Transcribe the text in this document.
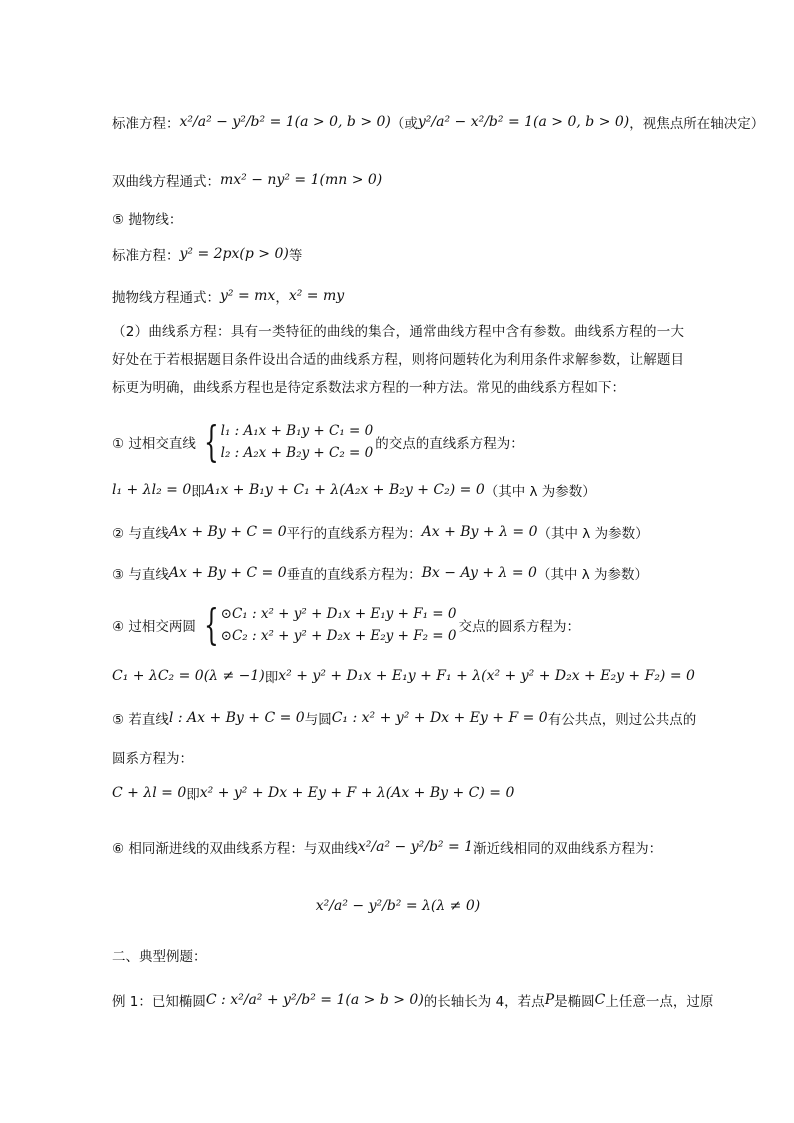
标准方程： x²/a² − y²/b² = 1(a > 0, b > 0) （或 y²/a² − x²/b² = 1(a > 0, b > 0) ，视焦点所在轴决定）
双曲线方程通式： mx² − ny² = 1(mn > 0)
⑤ 抛物线：
标准方程： y² = 2px(p > 0) 等
抛物线方程通式： y² = mx ， x² = my
（2）曲线系方程：具有一类特征的曲线的集合，通常曲线方程中含有参数。曲线系方程的一大好处在于若根据题目条件设出合适的曲线系方程，则将问题转化为利用条件求解参数，让解题目标更为明确，曲线系方程也是待定系数法求方程的一种方法。常见的曲线系方程如下：
① 过相交直线 { l₁ : A₁x + B₁y + C₁ = 0
l₂ : A₂x + B₂y + C₂ = 0
的交点的直线系方程为：
l₁ + λl₂ = 0 即 A₁x + B₁y + C₁ + λ(A₂x + B₂y + C₂) = 0 （其中 λ 为参数）
② 与直线 Ax + By + C = 0 平行的直线系方程为： Ax + By + λ = 0 （其中 λ 为参数）
③ 与直线 Ax + By + C = 0 垂直的直线系方程为： Bx − Ay + λ = 0 （其中 λ 为参数）
④ 过相交两圆 { ⊙C₁ : x² + y² + D₁x + E₁y + F₁ = 0
⊙C₂ : x² + y² + D₂x + E₂y + F₂ = 0
交点的圆系方程为：
C₁ + λC₂ = 0(λ ≠ −1) 即 x² + y² + D₁x + E₁y + F₁ + λ(x² + y² + D₂x + E₂y + F₂) = 0
⑤ 若直线 l : Ax + By + C = 0 与圆 C₁ : x² + y² + Dx + Ey + F = 0 有公共点，则过公共点的
圆系方程为：
C + λl = 0 即 x² + y² + Dx + Ey + F + λ(Ax + By + C) = 0
⑥ 相同渐进线的双曲线系方程：与双曲线 x²/a² − y²/b² = 1 渐近线相同的双曲线系方程为：
x²/a² − y²/b² = λ(λ ≠ 0)
二、典型例题：
例 1：已知椭圆 C : x²/a² + y²/b² = 1(a > b > 0) 的长轴长为 4，若点 P 是椭圆 C 上任意一点，过原
